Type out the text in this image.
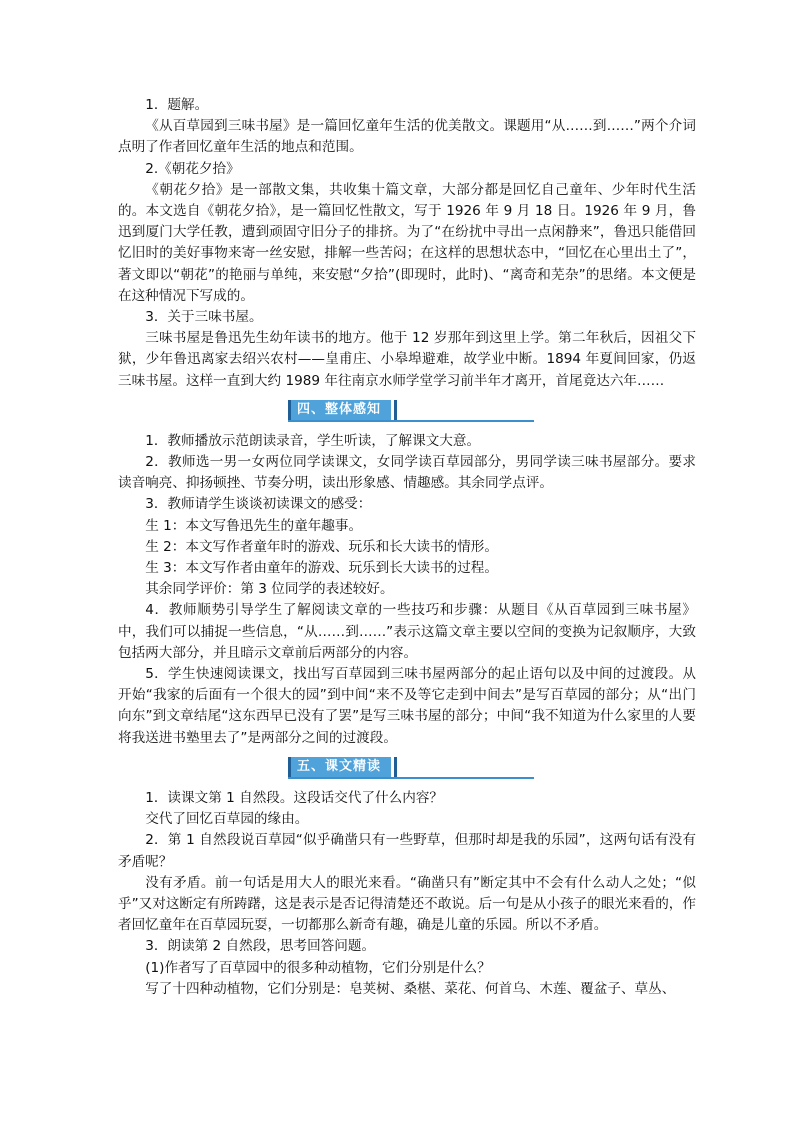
1．题解。

《从百草园到三味书屋》是一篇回忆童年生活的优美散文。课题用“从……到……”两个介词点明了作者回忆童年生活的地点和范围。

2.《朝花夕拾》

《朝花夕拾》是一部散文集，共收集十篇文章，大部分都是回忆自己童年、少年时代生活的。本文选自《朝花夕拾》，是一篇回忆性散文，写于 1926 年 9 月 18 日。1926 年 9 月，鲁迅到厦门大学任教，遭到顽固守旧分子的排挤。为了“在纷扰中寻出一点闲静来”，鲁迅只能借回忆旧时的美好事物来寄一丝安慰，排解一些苦闷；在这样的思想状态中，“回忆在心里出土了”，著文即以“朝花”的艳丽与单纯，来安慰“夕拾”(即现时，此时)、“离奇和芜杂”的思绪。本文便是在这种情况下写成的。

3．关于三味书屋。

三味书屋是鲁迅先生幼年读书的地方。他于 12 岁那年到这里上学。第二年秋后，因祖父下狱，少年鲁迅离家去绍兴农村——皇甫庄、小皋埠避难，故学业中断。1894 年夏间回家，仍返三味书屋。这样一直到大约 1989 年往南京水师学堂学习前半年才离开，首尾竟达六年……

四、整体感知

1．教师播放示范朗读录音，学生听读，了解课文大意。

2．教师选一男一女两位同学读课文，女同学读百草园部分，男同学读三味书屋部分。要求读音响亮、抑扬顿挫、节奏分明，读出形象感、情趣感。其余同学点评。

3．教师请学生谈谈初读课文的感受：

生 1：本文写鲁迅先生的童年趣事。

生 2：本文写作者童年时的游戏、玩乐和长大读书的情形。

生 3：本文写作者由童年的游戏、玩乐到长大读书的过程。

其余同学评价：第 3 位同学的表述较好。

4．教师顺势引导学生了解阅读文章的一些技巧和步骤：从题目《从百草园到三味书屋》中，我们可以捕捉一些信息，“从……到……”表示这篇文章主要以空间的变换为记叙顺序，大致包括两大部分，并且暗示文章前后两部分的内容。

5．学生快速阅读课文，找出写百草园到三味书屋两部分的起止语句以及中间的过渡段。从开始“我家的后面有一个很大的园”到中间“来不及等它走到中间去”是写百草园的部分；从“出门向东”到文章结尾“这东西早已没有了罢”是写三味书屋的部分；中间“我不知道为什么家里的人要将我送进书塾里去了”是两部分之间的过渡段。

五、课文精读

1．读课文第 1 自然段。这段话交代了什么内容？

交代了回忆百草园的缘由。

2．第 1 自然段说百草园“似乎确凿只有一些野草，但那时却是我的乐园”，这两句话有没有矛盾呢？

没有矛盾。前一句话是用大人的眼光来看。“确凿只有”断定其中不会有什么动人之处；“似乎”又对这断定有所踌躇，这是表示是否记得清楚还不敢说。后一句是从小孩子的眼光来看的，作者回忆童年在百草园玩耍，一切都那么新奇有趣，确是儿童的乐园。所以不矛盾。

3．朗读第 2 自然段，思考回答问题。

(1)作者写了百草园中的很多种动植物，它们分别是什么？

写了十四种动植物，它们分别是：皂荚树、桑椹、菜花、何首乌、木莲、覆盆子、草丛、
